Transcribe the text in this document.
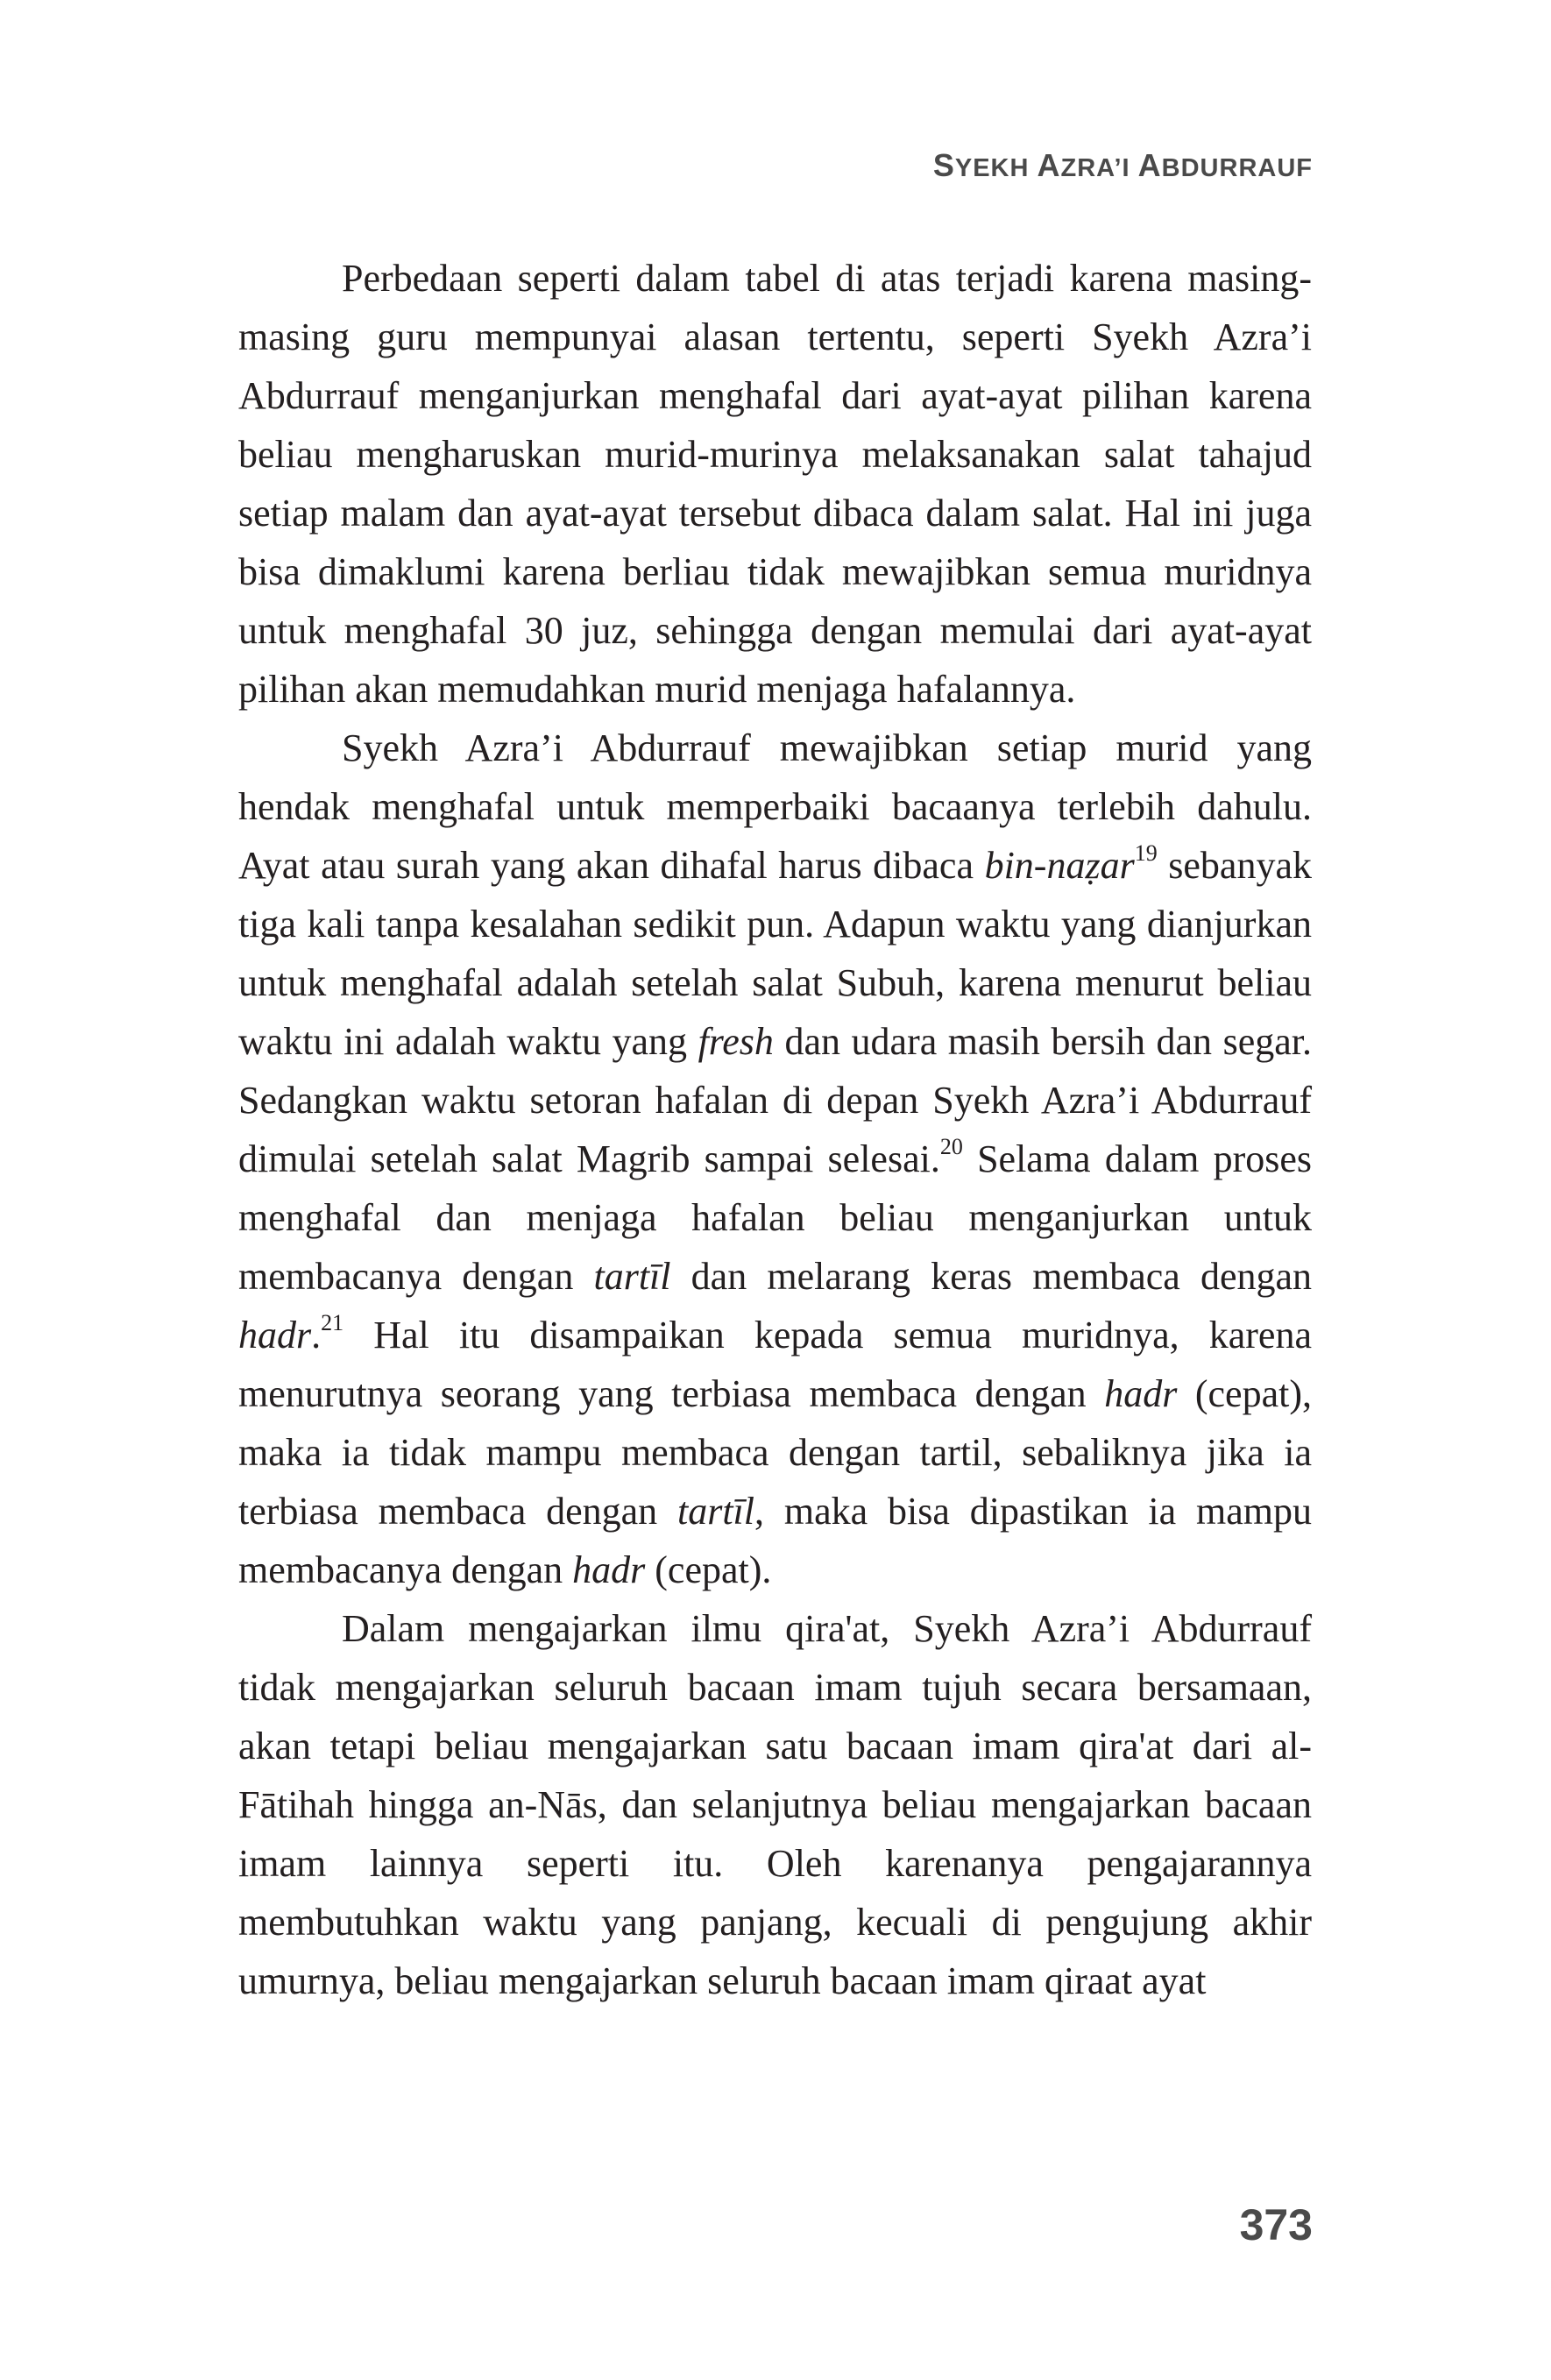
SYEKH AZRA’I ABDURRAUF

Perbedaan seperti dalam tabel di atas terjadi karena masing-masing guru mempunyai alasan tertentu, seperti Syekh Azra’i Abdurrauf menganjurkan menghafal dari ayat-ayat pilihan karena beliau mengharuskan murid-murinya melaksanakan salat tahajud setiap malam dan ayat-ayat tersebut dibaca dalam salat. Hal ini juga bisa dimaklumi karena berliau tidak mewajibkan semua muridnya untuk menghafal 30 juz, sehingga dengan memulai dari ayat-ayat pilihan akan memudahkan murid menjaga hafalannya.

Syekh Azra’i Abdurrauf mewajibkan setiap murid yang hendak menghafal untuk memperbaiki bacaanya terlebih dahulu. Ayat atau surah yang akan dihafal harus dibaca bin-naẓar$^{19}$ sebanyak tiga kali tanpa kesalahan sedikit pun. Adapun waktu yang dianjurkan untuk menghafal adalah setelah salat Subuh, karena menurut beliau waktu ini adalah waktu yang fresh dan udara masih bersih dan segar. Sedangkan waktu setoran hafalan di depan Syekh Azra’i Abdurrauf dimulai setelah salat Magrib sampai selesai.$^{20}$ Selama dalam proses menghafal dan menjaga hafalan beliau menganjurkan untuk membacanya dengan tartīl dan melarang keras membaca dengan hadr.$^{21}$ Hal itu disampaikan kepada semua muridnya, karena menurutnya seorang yang terbiasa membaca dengan hadr (cepat), maka ia tidak mampu membaca dengan tartil, sebaliknya jika ia terbiasa membaca dengan tartīl, maka bisa dipastikan ia mampu membacanya dengan hadr (cepat).

Dalam mengajarkan ilmu qira'at, Syekh Azra’i Abdurrauf tidak mengajarkan seluruh bacaan imam tujuh secara bersamaan, akan tetapi beliau mengajarkan satu bacaan imam qira'at dari al-Fātihah hingga an-Nās, dan selanjutnya beliau mengajarkan bacaan imam lainnya seperti itu. Oleh karenanya pengajarannya membutuhkan waktu yang panjang, kecuali di pengujung akhir umurnya, beliau mengajarkan seluruh bacaan imam qiraat ayat

373
